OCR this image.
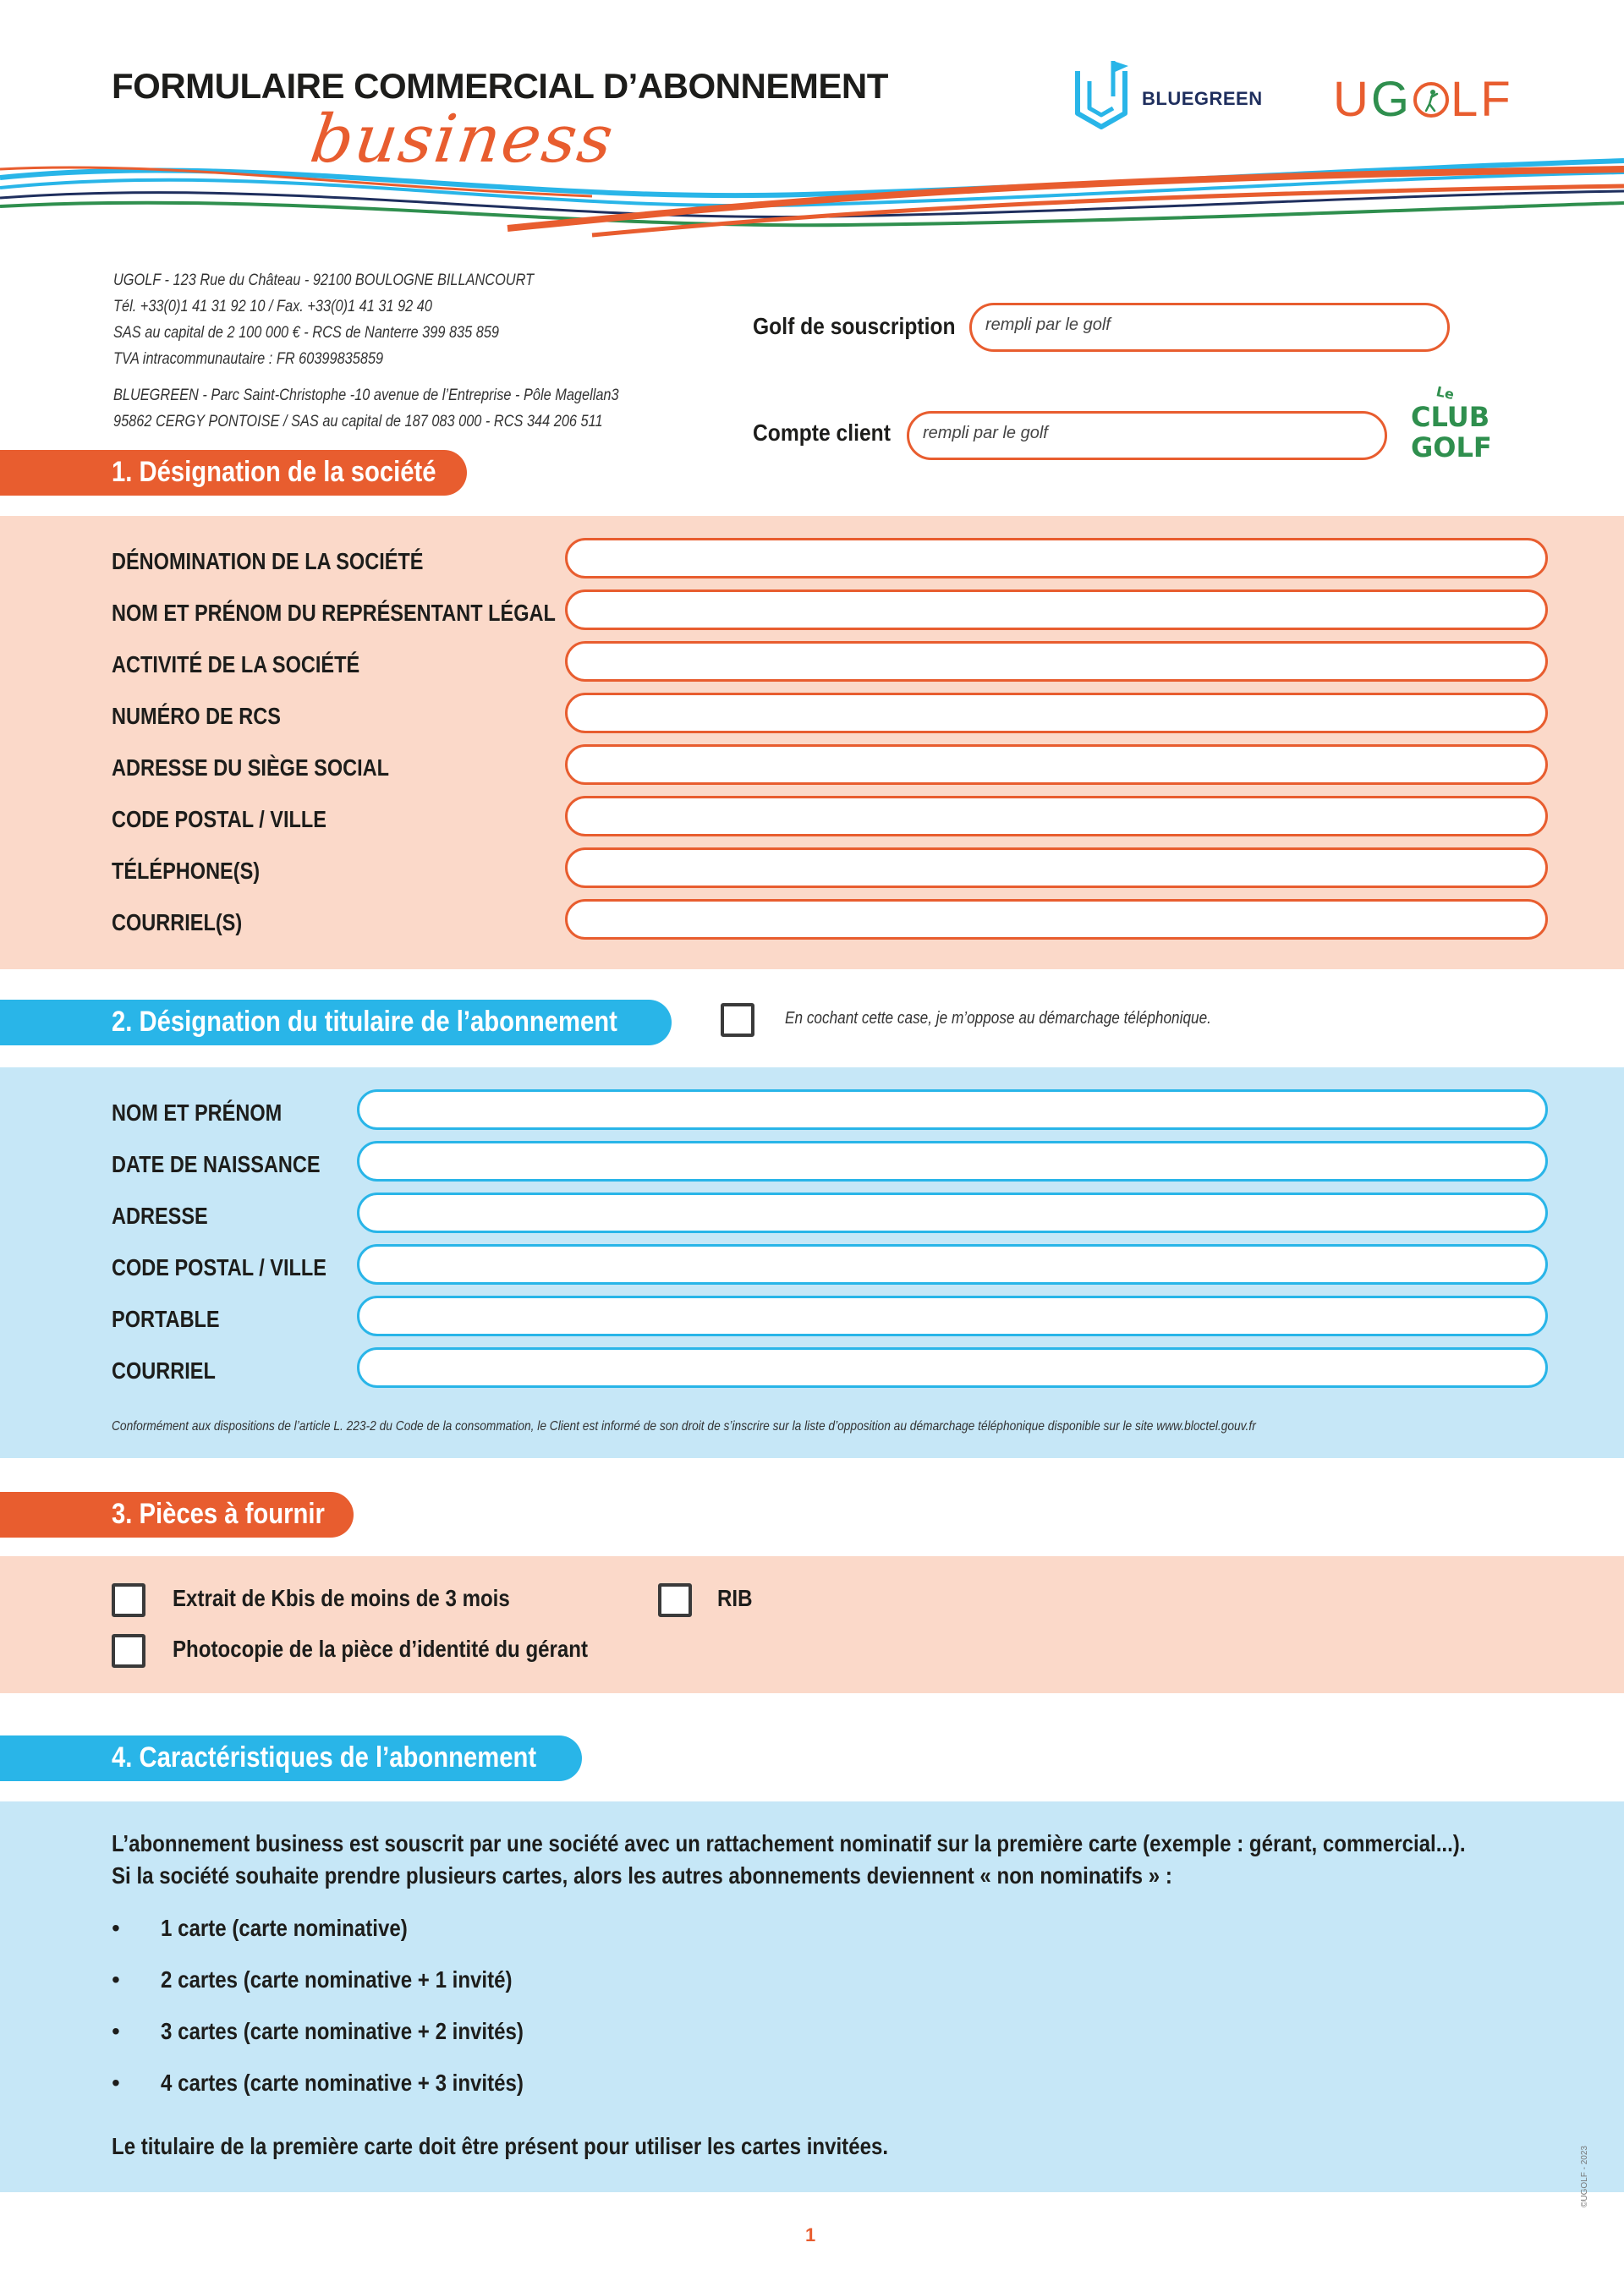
FORMULAIRE COMMERCIAL D’ABONNEMENT
business
BLUEGREEN UG LF
UGOLF - 123 Rue du Château - 92100 BOULOGNE BILLANCOURT
Tél. +33(0)1 41 31 92 10 / Fax. +33(0)1 41 31 92 40
SAS au capital de 2 100 000 € - RCS de Nanterre 399 835 859
TVA intracommunautaire : FR 60399835859
BLUEGREEN - Parc Saint-Christophe -10 avenue de l’Entreprise - Pôle Magellan3
95862 CERGY PONTOISE / SAS au capital de 187 083 000 - RCS 344 206 511
Golf de souscription	rempli par le golf
Compte client	rempli par le golf
Le
CLUB
GOLF
1. Désignation de la société
DÉNOMINATION DE LA SOCIÉTÉ
NOM ET PRÉNOM DU REPRÉSENTANT LÉGAL
ACTIVITÉ DE LA SOCIÉTÉ
NUMÉRO DE RCS
ADRESSE DU SIÈGE SOCIAL
CODE POSTAL / VILLE
TÉLÉPHONE(S)
COURRIEL(S)
2. Désignation du titulaire de l’abonnement	En cochant cette case, je m’oppose au démarchage téléphonique.
NOM ET PRÉNOM
DATE DE NAISSANCE
ADRESSE
CODE POSTAL / VILLE
PORTABLE
COURRIEL
Conformément aux dispositions de l’article L. 223-2 du Code de la consommation, le Client est informé de son droit de s’inscrire sur la liste d’opposition au démarchage téléphonique disponible sur le site www.bloctel.gouv.fr
3. Pièces à fournir
Extrait de Kbis de moins de 3 mois	RIB
Photocopie de la pièce d’identité du gérant
4. Caractéristiques de l’abonnement
L’abonnement business est souscrit par une société avec un rattachement nominatif sur la première carte (exemple : gérant, commercial...).
Si la société souhaite prendre plusieurs cartes, alors les autres abonnements deviennent « non nominatifs » :
• 1 carte (carte nominative)
• 2 cartes (carte nominative + 1 invité)
• 3 cartes (carte nominative + 2 invités)
• 4 cartes (carte nominative + 3 invités)
Le titulaire de la première carte doit être présent pour utiliser les cartes invitées.
1
©UGOLF - 2023
